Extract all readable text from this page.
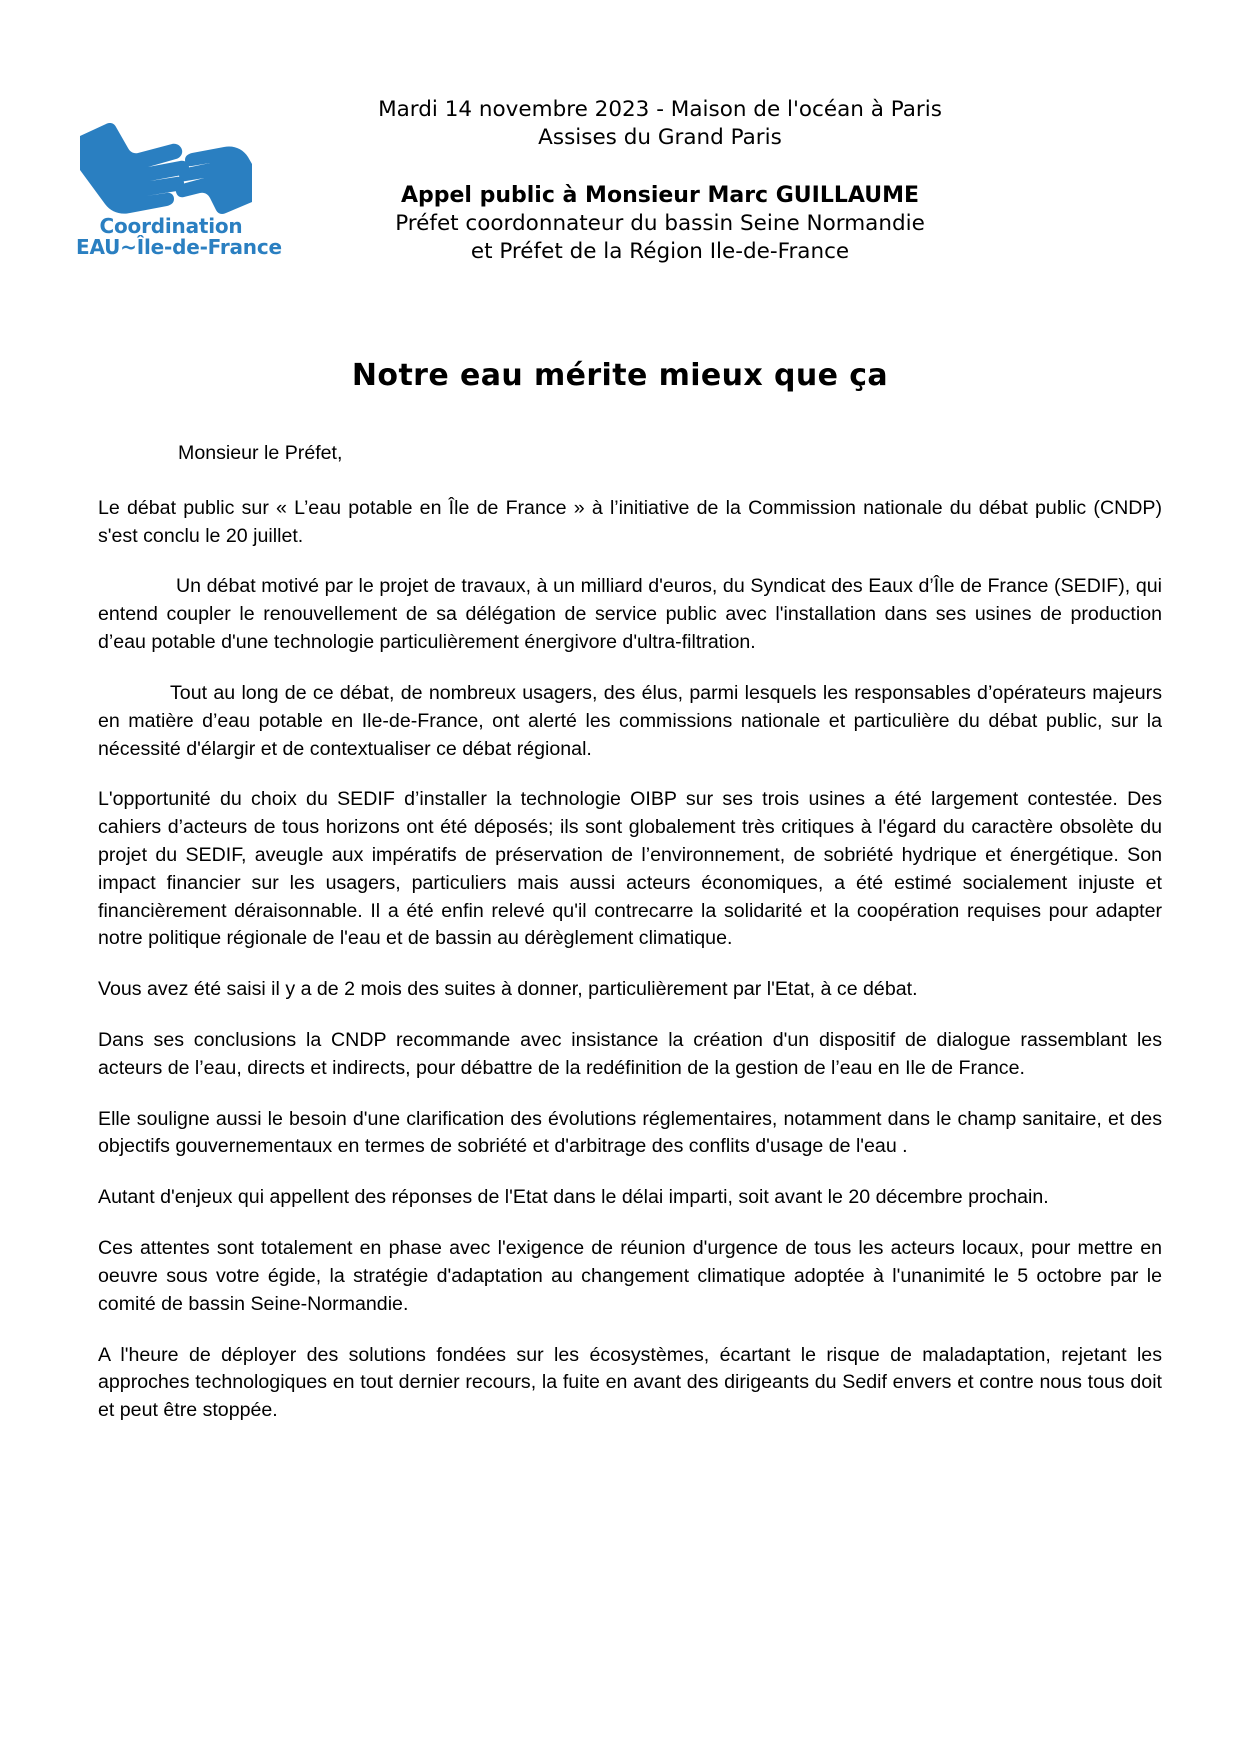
Coordination
EAU~Île-de-France
Mardi 14 novembre 2023 - Maison de l'océan à Paris
Assises du Grand Paris
Appel public à Monsieur Marc GUILLAUME
Préfet coordonnateur du bassin Seine Normandie
et Préfet de la Région Ile-de-France
Notre eau mérite mieux que ça

Monsieur le Préfet,

Le débat public sur « L’eau potable en Île de France » à l’initiative de la Commission nationale du débat public (CNDP) s'est conclu le 20 juillet.

Un débat motivé par le projet de travaux, à un milliard d'euros, du Syndicat des Eaux d’Île de France (SEDIF), qui entend coupler le renouvellement de sa délégation de service public avec l'installation dans ses usines de production d’eau potable d'une technologie particulièrement énergivore d'ultra-filtration.

Tout au long de ce débat, de nombreux usagers, des élus, parmi lesquels les responsables d’opérateurs majeurs en matière d’eau potable en Ile-de-France, ont alerté les commissions nationale et particulière du débat public, sur la nécessité d'élargir et de contextualiser ce débat régional.

L'opportunité du choix du SEDIF d’installer la technologie OIBP sur ses trois usines a été largement contestée. Des cahiers d’acteurs de tous horizons ont été déposés; ils sont globalement très critiques à l'égard du caractère obsolète du projet du SEDIF, aveugle aux impératifs de préservation de l’environnement, de sobriété hydrique et énergétique. Son impact financier sur les usagers, particuliers mais aussi acteurs économiques, a été estimé socialement injuste et financièrement déraisonnable. Il a été enfin relevé qu'il contrecarre la solidarité et la coopération requises pour adapter notre politique régionale de l'eau et de bassin au dérèglement climatique.

Vous avez été saisi il y a de 2 mois des suites à donner, particulièrement par l'Etat, à ce débat.

Dans ses conclusions la CNDP recommande avec insistance la création d'un dispositif de dialogue rassemblant les acteurs de l’eau, directs et indirects, pour débattre de la redéfinition de la gestion de l’eau en Ile de France.

Elle souligne aussi le besoin d'une clarification des évolutions réglementaires, notamment dans le champ sanitaire, et des objectifs gouvernementaux en termes de sobriété et d'arbitrage des conflits d'usage de l'eau .

Autant d'enjeux qui appellent des réponses de l'Etat dans le délai imparti, soit avant le 20 décembre prochain.

Ces attentes sont totalement en phase avec l'exigence de réunion d'urgence de tous les acteurs locaux, pour mettre en oeuvre sous votre égide, la stratégie d'adaptation au changement climatique adoptée à l'unanimité le 5 octobre par le comité de bassin Seine-Normandie.

A l'heure de déployer des solutions fondées sur les écosystèmes, écartant le risque de maladaptation, rejetant les approches technologiques en tout dernier recours, la fuite en avant des dirigeants du Sedif envers et contre nous tous doit et peut être stoppée.
